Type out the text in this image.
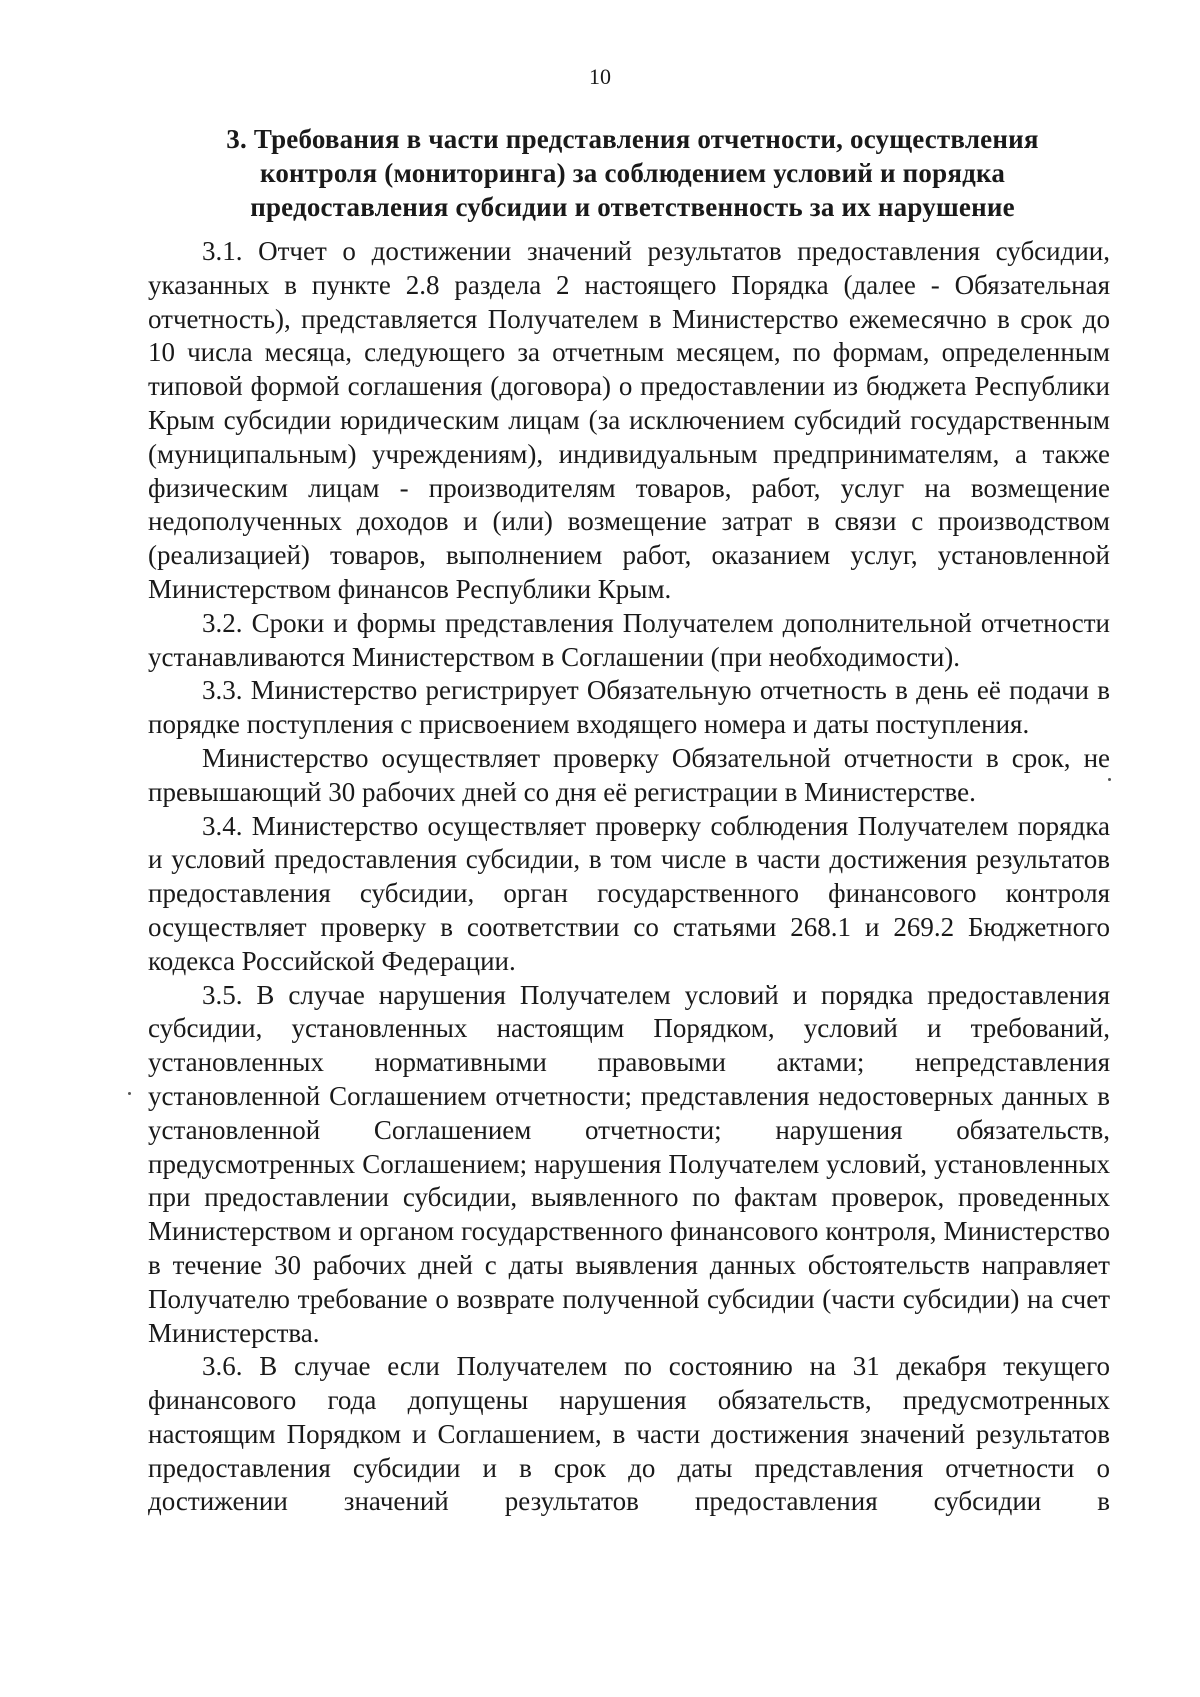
10
3. Требования в части представления отчетности, осуществления
контроля (мониторинга) за соблюдением условий и порядка
предоставления субсидии и ответственность за их нарушение

3.1. Отчет о достижении значений результатов предоставления субсидии, указанных в пункте 2.8 раздела 2 настоящего Порядка (далее - Обязательная отчетность), представляется Получателем в Министерство ежемесячно в срок до 10 числа месяца, следующего за отчетным месяцем, по формам, определенным типовой формой соглашения (договора) о предоставлении из бюджета Республики Крым субсидии юридическим лицам (за исключением субсидий государственным (муниципальным) учреждениям), индивидуальным предпринимателям, а также физическим лицам - производителям товаров, работ, услуг на возмещение недополученных доходов и (или) возмещение затрат в связи с производством (реализацией) товаров, выполнением работ, оказанием услуг, установленной Министерством финансов Республики Крым.

3.2. Сроки и формы представления Получателем дополнительной отчетности устанавливаются Министерством в Соглашении (при необходимости).

3.3. Министерство регистрирует Обязательную отчетность в день её подачи в порядке поступления с присвоением входящего номера и даты поступления.

Министерство осуществляет проверку Обязательной отчетности в срок, не превышающий 30 рабочих дней со дня её регистрации в Министерстве.

3.4. Министерство осуществляет проверку соблюдения Получателем порядка и условий предоставления субсидии, в том числе в части достижения результатов предоставления субсидии, орган государственного финансового контроля осуществляет проверку в соответствии со статьями 268.1 и 269.2 Бюджетного кодекса Российской Федерации.

3.5. В случае нарушения Получателем условий и порядка предоставления субсидии, установленных настоящим Порядком, условий и требований, установленных нормативными правовыми актами; непредставления установленной Соглашением отчетности; представления недостоверных данных в установленной Соглашением отчетности; нарушения обязательств, предусмотренных Соглашением; нарушения Получателем условий, установленных при предоставлении субсидии, выявленного по фактам проверок, проведенных Министерством и органом государственного финансового контроля, Министерство в течение 30 рабочих дней с даты выявления данных обстоятельств направляет Получателю требование о возврате полученной субсидии (части субсидии) на счет Министерства.

3.6. В случае если Получателем по состоянию на 31 декабря текущего финансового года допущены нарушения обязательств, предусмотренных настоящим Порядком и Соглашением, в части достижения значений результатов предоставления субсидии и в срок до даты представления отчетности о достижении значений результатов предоставления субсидии в
